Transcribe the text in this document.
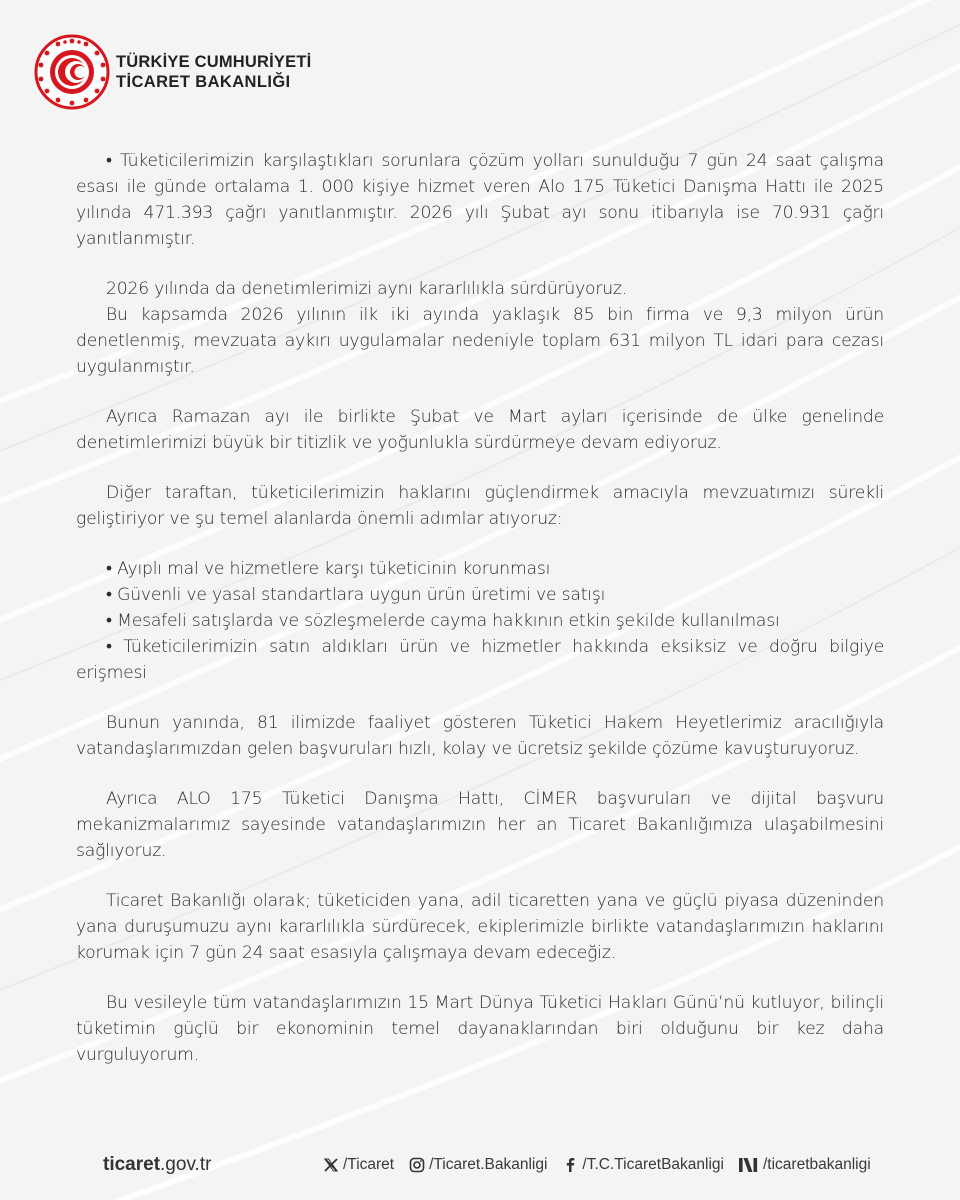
TÜRKİYE CUMHURİYETİ
TİCARET BAKANLIĞI

• Tüketicilerimizin karşılaştıkları sorunlara çözüm yolları sunulduğu 7 gün 24 saat çalışma esası ile günde ortalama 1. 000 kişiye hizmet veren Alo 175 Tüketici Danışma Hattı ile 2025 yılında 471.393 çağrı yanıtlanmıştır. 2026 yılı Şubat ayı sonu itibarıyla ise 70.931 çağrı yanıtlanmıştır.

2026 yılında da denetimlerimizi aynı kararlılıkla sürdürüyoruz.

Bu kapsamda 2026 yılının ilk iki ayında yaklaşık 85 bin firma ve 9,3 milyon ürün denetlenmiş, mevzuata aykırı uygulamalar nedeniyle toplam 631 milyon TL idari para cezası uygulanmıştır.

Ayrıca Ramazan ayı ile birlikte Şubat ve Mart ayları içerisinde de ülke genelinde denetimlerimizi büyük bir titizlik ve yoğunlukla sürdürmeye devam ediyoruz.

Diğer taraftan, tüketicilerimizin haklarını güçlendirmek amacıyla mevzuatımızı sürekli geliştiriyor ve şu temel alanlarda önemli adımlar atıyoruz:

• Ayıplı mal ve hizmetlere karşı tüketicinin korunması

• Güvenli ve yasal standartlara uygun ürün üretimi ve satışı

• Mesafeli satışlarda ve sözleşmelerde cayma hakkının etkin şekilde kullanılması

• Tüketicilerimizin satın aldıkları ürün ve hizmetler hakkında eksiksiz ve doğru bilgiye erişmesi

Bunun yanında, 81 ilimizde faaliyet gösteren Tüketici Hakem Heyetlerimiz aracılığıyla vatandaşlarımızdan gelen başvuruları hızlı, kolay ve ücretsiz şekilde çözüme kavuşturuyoruz.

Ayrıca ALO 175 Tüketici Danışma Hattı, CİMER başvuruları ve dijital başvuru mekanizmalarımız sayesinde vatandaşlarımızın her an Ticaret Bakanlığımıza ulaşabilmesini sağlıyoruz.

Ticaret Bakanlığı olarak; tüketiciden yana, adil ticaretten yana ve güçlü piyasa düzeninden yana duruşumuzu aynı kararlılıkla sürdürecek, ekiplerimizle birlikte vatandaşlarımızın haklarını korumak için 7 gün 24 saat esasıyla çalışmaya devam edeceğiz.

Bu vesileyle tüm vatandaşlarımızın 15 Mart Dünya Tüketici Hakları Günü’nü kutluyor, bilinçli tüketimin güçlü bir ekonominin temel dayanaklarından biri olduğunu bir kez daha vurguluyorum.

ticaret.gov.tr	/Ticaret /Ticaret.Bakanligi /T.C.TicaretBakanligi	/ticaretbakanligi
